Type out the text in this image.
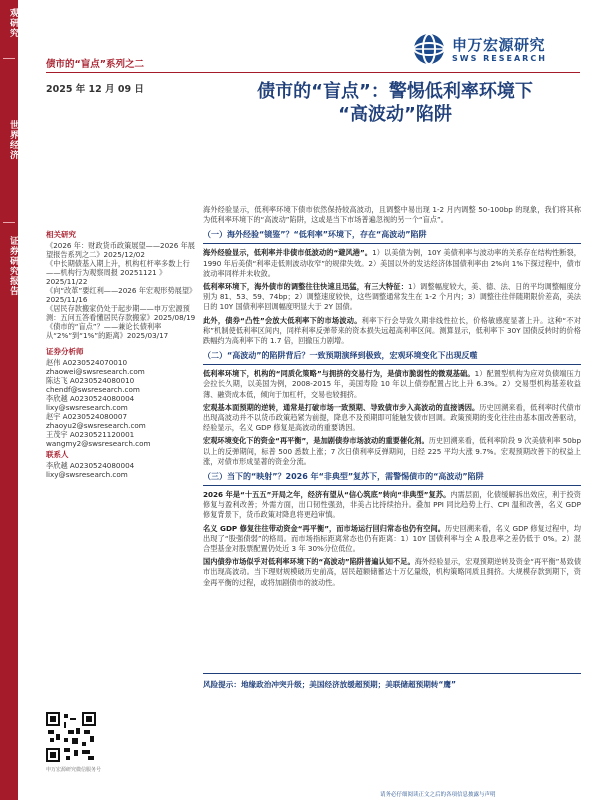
观研究
世界经济
证券研究报告
申万宏源研究
SWS RESEARCH
债市的“盲点”系列之二
2025 年 12 月 09 日	债市的“盲点”：警惕低利率环境下
“高波动”陷阱
相关研究
《2026 年：财政货币政策展望——2026 年展望报告系列之二》2025/12/02
《中长期债基入期上升，机构杠杆率多数上行——机构行为观察周报 20251121 》2025/11/22
《向“改革”要红利——2026 年宏观形势展望》2025/11/16
《居民存款搬家仍处于起步期——申万宏源预测：五问五答看懂居民存款搬家》2025/08/19
《债市的“盲点”？——兼论长债利率从“2%”到“1%”的距离》2025/03/17
证券分析师
赵伟 A0230524070010
zhaowei@swsresearch.com
陈达飞 A0230524080010
chendf@swsresearch.com
李欣越 A0230524080004
lixy@swsresearch.com
赵宇 A0230524080007
zhaoyu2@swsresearch.com
王茂宇 A0230521120001
wangmy2@swsresearch.com
联系人
李欣越 A0230524080004
lixy@swsresearch.com
申万宏源研究微信服务号

海外经验显示，低利率环境下债市依然保持较高波动，且调整中易出现 1-2 月内调整 50-100bp 的现象，我们将其称为低利率环境下的“高波动”陷阱，这或是当下市场普遍忽视的另一个“盲点”。

（一）海外经验“镜鉴”？“低利率”环境下，存在“高波动”陷阱

海外经验显示，低利率并非债市低波动的“避风港”。1）以美债为例，10Y 美债利率与波动率的关系存在结构性断裂，1990 年后美债“利率走低则波动收窄”的规律失效。2）美国以外的发达经济体国债利率由 2%向 1%下探过程中，债市波动率同样并未收敛。

低利率环境下，海外债市的调整往往快速且迅猛，有三大特征：1）调整幅度较大，美、德、法、日的平均调整幅度分别为 81、53、59、74bp；2）调整速度较快，这些调整通常发生在 1-2 个月内；3）调整往往伴随期限价差高，美法日的 10Y 国债利率回调幅度明显大于 2Y 国债。

此外，债券“凸性”会放大低利率下的市场波动。利率下行会导致久期非线性拉长，价格敏感度显著上升。这种“不对称”机制使低利率区间内，同样利率反弹带来的资本损失远超高利率区间。测算显示，低利率下 30Y 国债反转时的价格跌幅约为高利率下的 1.7 倍，回撤压力剧增。

（二）“高波动”的陷阱背后？一致预期演绎到极致，宏观环境变化下出现反噬

低利率环境下，机构的“同质化策略”与拥挤的交易行为，是债市脆弱性的微观基础。1）配置型机构为应对负债端压力会拉长久期，以美国为例，2008-2015 年，美国寿险 10 年以上债券配置占比上升 6.3%。2）交易型机构基差收益薄、融资成本低，倾向于加杠杆，交易也较拥挤。

宏观基本面预期的逆转，通常是打破市场一致预期、导致债市步入高波动的直接诱因。历史回溯来看，低利率时代债市出现高波动并不以货币政策趋紧为前提，降息不及预期即可能触发债市回调。政策预期的变化往往由基本面改善驱动，经验显示，名义 GDP 修复是高波动的重要诱因。

宏观环境变化下的资金“再平衡”，是加剧债券市场波动的重要催化剂。历史回溯来看，低利率阶段 9 次美债利率 50bp 以上的反弹期间，标普 500 悉数上涨；7 次日债利率反弹期间，日经 225 平均大涨 9.7%。宏观预期改善下的权益上涨，对债市形成显著的资金分流。

（三）当下的“映射”？2026 年“非典型”复苏下，需警惕债市的“高波动”陷阱

2026 年是“十五五”开局之年，经济有望从“信心筑底”转向“非典型”复苏。内需层面，化债缓解拆出效应，利于投资修复与盈利改善；外需方面，出口韧性强劲，非美占比持续抬升。叠加 PPI 同比趋势上行、CPI 温和改善，名义 GDP 修复背景下，货币政策对降息将更趋审慎。

名义 GDP 修复往往带动资金“再平衡”，而市场运行回归常态也仍有空间。历史回溯来看，名义 GDP 修复过程中，均出现了“股强债弱”的格局。而市场指标距离常态也仍有距离：1）10Y 国债利率与全 A 股息率之差仍低于 0%。2）混合型基金对股票配置仍处近 3 年 30%分位低位。

国内债券市场似乎对低利率环境下的“高波动”陷阱普遍认知不足。海外经验显示，宏观预期逆转及资金“再平衡”易致债市出现高波动。当下理财规模破历史前高，居民超额储蓄达十万亿量级，机构策略同质且拥挤。大规模存款到期下，资金再平衡的过程，或将加剧债市的波动性。

风险提示：地缘政治冲突升级；美国经济放缓超预期；美联储超预期转“鹰”
请务必仔细阅读正文之后的各项信息披露与声明
